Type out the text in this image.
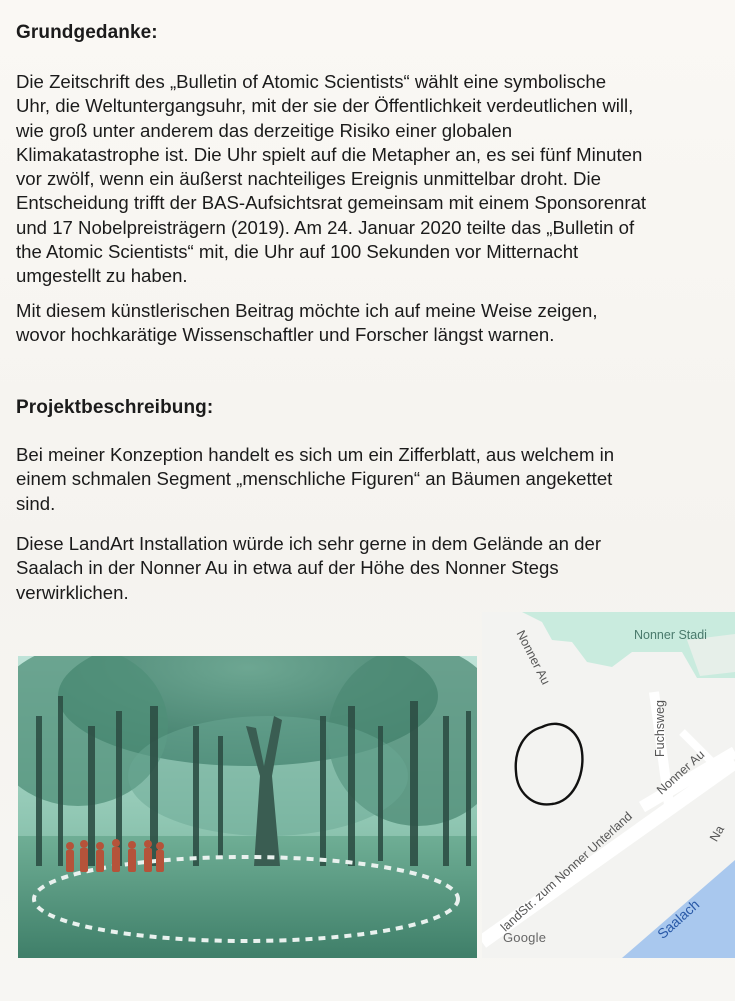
Grundgedanke:

Die Zeitschrift des „Bulletin of Atomic Scientists“ wählt eine symbolische
Uhr, die Weltuntergangsuhr, mit der sie der Öffentlichkeit verdeutlichen will,
wie groß unter anderem das derzeitige Risiko einer globalen
Klimakatastrophe ist. Die Uhr spielt auf die Metapher an, es sei fünf Minuten
vor zwölf, wenn ein äußerst nachteiliges Ereignis unmittelbar droht. Die
Entscheidung trifft der BAS-Aufsichtsrat gemeinsam mit einem Sponsorenrat
und 17 Nobelpreisträgern (2019). Am 24. Januar 2020 teilte das „Bulletin of
the Atomic Scientists“ mit, die Uhr auf 100 Sekunden vor Mitternacht
umgestellt zu haben.

Mit diesem künstlerischen Beitrag möchte ich auf meine Weise zeigen,
wovor hochkarätige Wissenschaftler und Forscher längst warnen.

Projektbeschreibung:

Bei meiner Konzeption handelt es sich um ein Zifferblatt, aus welchem in
einem schmalen Segment „menschliche Figuren“ an Bäumen angekettet
sind.

Diese LandArt Installation würde ich sehr gerne in dem Gelände an der
Saalach in der Nonner Au in etwa auf der Höhe des Nonner Stegs
verwirklichen.

Nonner Au	Nonner Stadi
Fuchsweg
Nonner Au
Na
landStr. zum Nonner Unterland Saalach
Google
